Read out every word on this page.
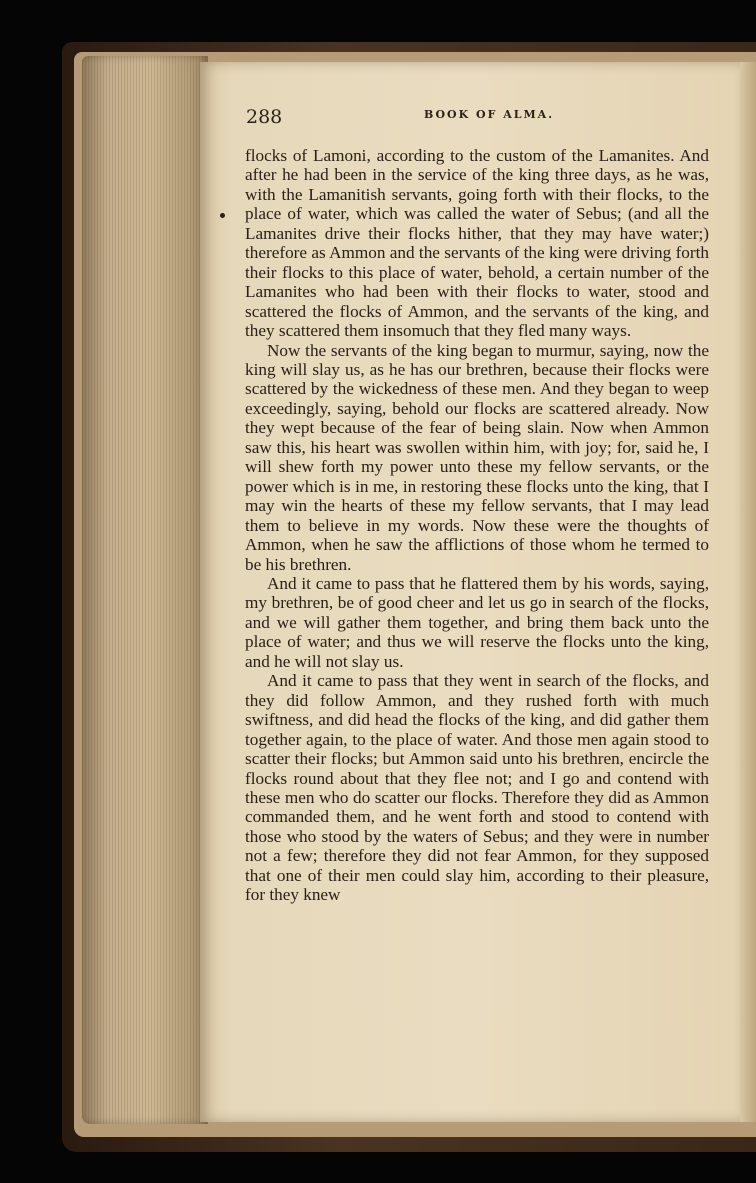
288	BOOK OF ALMA.

flocks of Lamoni, according to the custom of the Lamanites. And after he had been in the service of the king three days, as he was, with the Lamanitish servants, going forth with their flocks, to the place of water, which was called the water of Sebus; (and all the Lamanites drive their flocks hither, that they may have water;) therefore as Ammon and the servants of the king were driving forth their flocks to this place of water, behold, a certain number of the Lamanites who had been with their flocks to water, stood and scattered the flocks of Ammon, and the servants of the king, and they scattered them insomuch that they fled many ways.

Now the servants of the king began to murmur, saying, now the king will slay us, as he has our brethren, because their flocks were scattered by the wickedness of these men. And they began to weep exceedingly, saying, behold our flocks are scattered already. Now they wept because of the fear of being slain. Now when Ammon saw this, his heart was swollen within him, with joy; for, said he, I will shew forth my power unto these my fellow servants, or the power which is in me, in restoring these flocks unto the king, that I may win the hearts of these my fellow servants, that I may lead them to believe in my words. Now these were the thoughts of Ammon, when he saw the afflictions of those whom he termed to be his brethren.

And it came to pass that he flattered them by his words, saying, my brethren, be of good cheer and let us go in search of the flocks, and we will gather them together, and bring them back unto the place of water; and thus we will reserve the flocks unto the king, and he will not slay us.

And it came to pass that they went in search of the flocks, and they did follow Ammon, and they rushed forth with much swiftness, and did head the flocks of the king, and did gather them together again, to the place of water. And those men again stood to scatter their flocks; but Ammon said unto his brethren, encircle the flocks round about that they flee not; and I go and contend with these men who do scatter our flocks. Therefore they did as Ammon commanded them, and he went forth and stood to contend with those who stood by the waters of Sebus; and they were in number not a few; therefore they did not fear Ammon, for they supposed that one of their men could slay him, according to their pleasure, for they knew
